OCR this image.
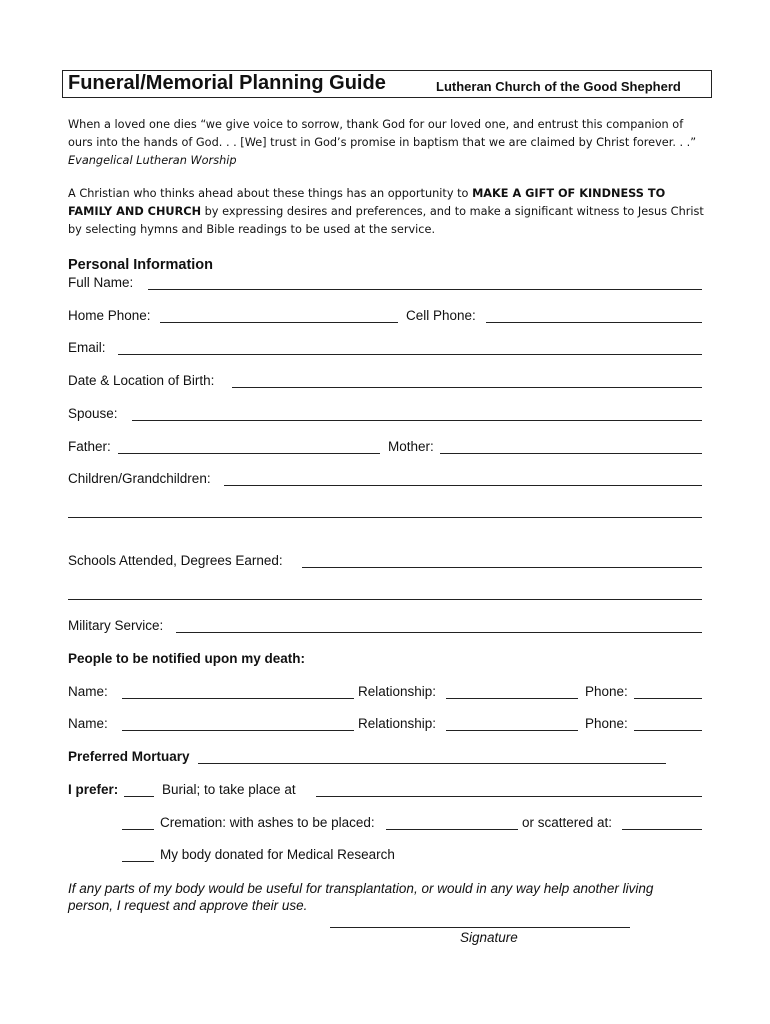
Funeral/Memorial Planning Guide	Lutheran Church of the Good Shepherd
When a loved one dies “we give voice to sorrow, thank God for our loved one, and entrust this companion of ours into the hands of God. . . [We] trust in God’s promise in baptism that we are claimed by Christ forever. . .”
Evangelical Lutheran Worship
A Christian who thinks ahead about these things has an opportunity to MAKE A GIFT OF KINDNESS TO FAMILY AND CHURCH by expressing desires and preferences, and to make a significant witness to Jesus Christ by selecting hymns and Bible readings to be used at the service.
Personal Information
Full Name:
Home Phone:	Cell Phone:
Email:
Date & Location of Birth:
Spouse:
Father:	Mother:
Children/Grandchildren:
Schools Attended, Degrees Earned:
Military Service:
People to be notified upon my death:
Name:	Relationship:	Phone:
Name:	Relationship:	Phone:
Preferred Mortuary
I prefer:	Burial; to take place at
Cremation: with ashes to be placed:	or scattered at:
My body donated for Medical Research
If any parts of my body would be useful for transplantation, or would in any way help another living person, I request and approve their use.
Signature
